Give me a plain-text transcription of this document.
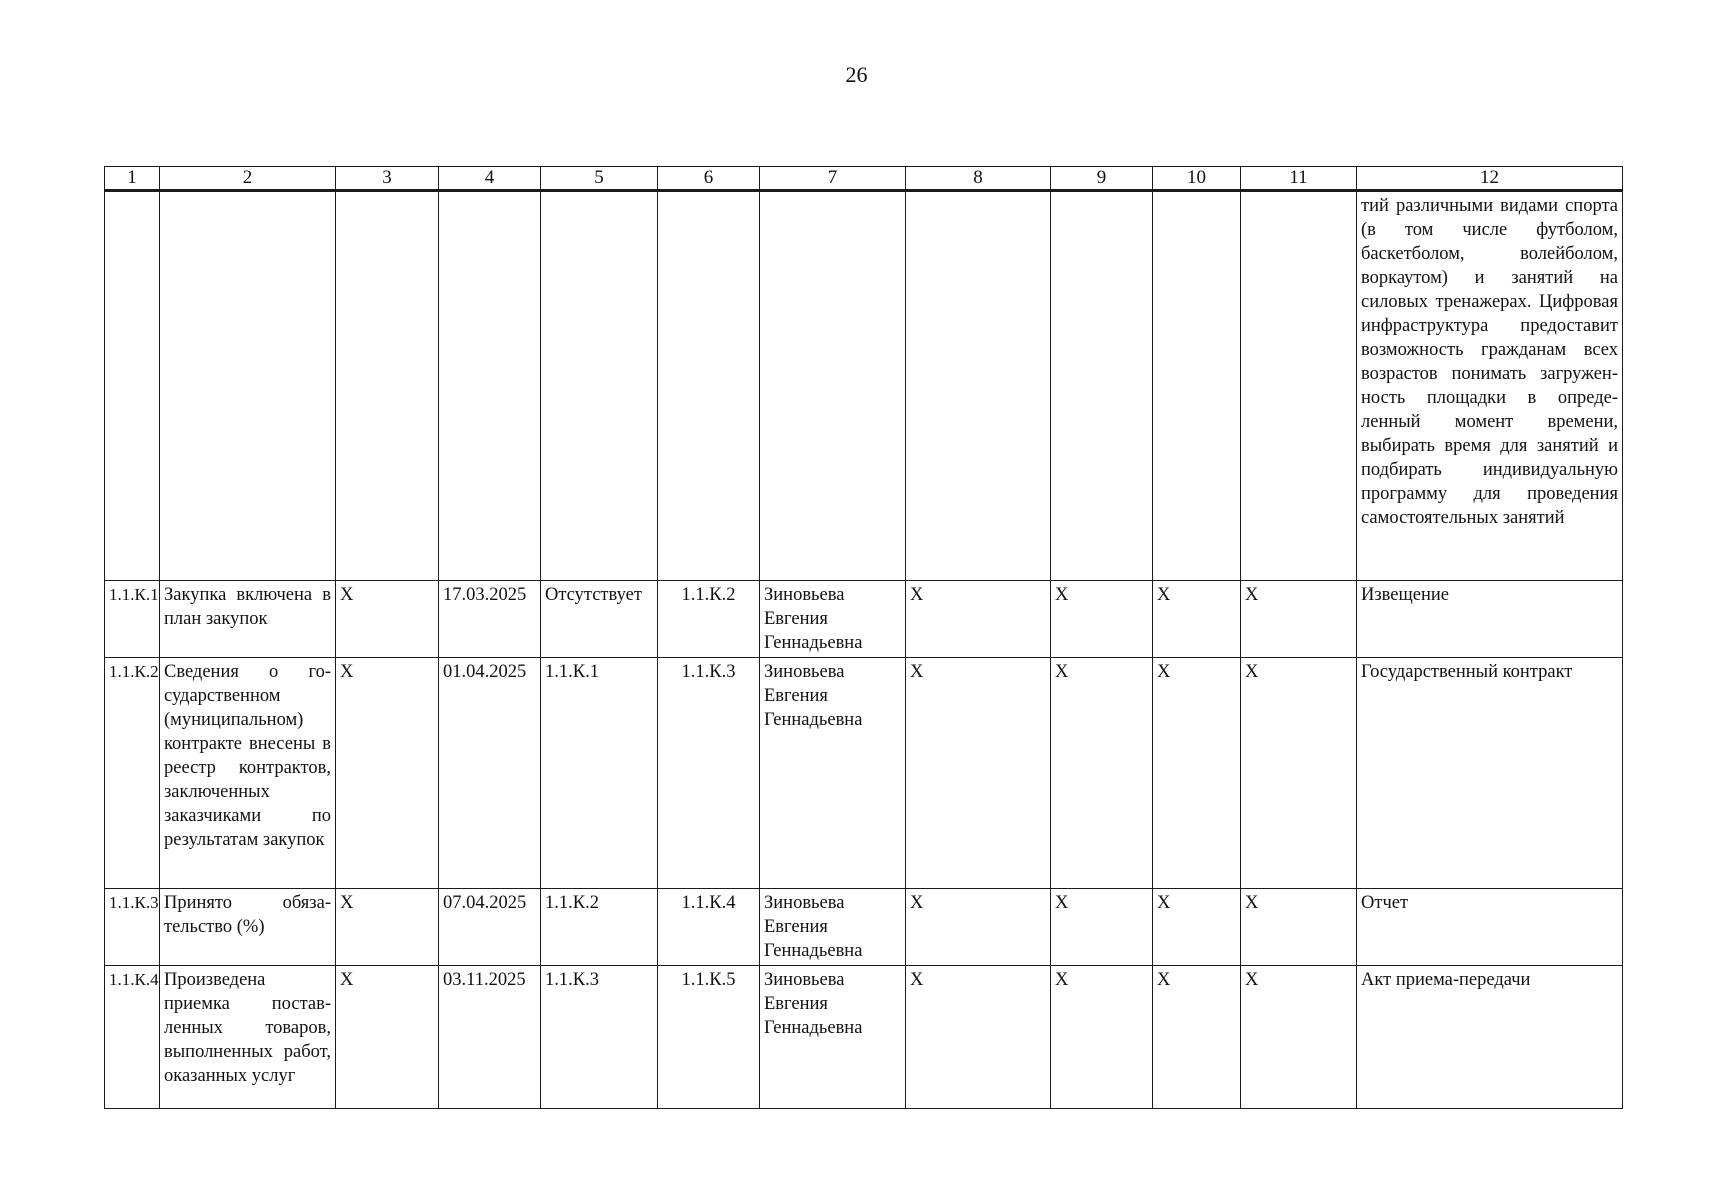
26
1	2	3	4	5	6	7	8	9	10	11	12
											тий различными видами спорта (в том числе футболом, баскетболом, волейболом, воркаутом) и занятий на силовых тренажерах. Цифровая инфраструктура предоставит возможность гражданам всех возрастов понимать загруженность площадки в определенный момент времени, выбирать время для занятий и подбирать индивидуальную программу для проведения самостоятельных занятий
1.1.К.1	Закупка включена в план закупок	Х	17.03.2025	Отсутствует	1.1.К.2	Зиновьева Евгения Геннадьевна	Х	Х	Х	Х	Извещение
1.1.К.2	Сведения о государственном (муниципальном) контракте внесены в реестр контрактов, заключенных заказчиками по результатам закупок	Х	01.04.2025	1.1.К.1	1.1.К.3	Зиновьева Евгения Геннадьевна	Х	Х	Х	Х	Государственный контракт
1.1.К.3	Принято обязательство (%)	Х	07.04.2025	1.1.К.2	1.1.К.4	Зиновьева Евгения Геннадьевна	Х	Х	Х	Х	Отчет
1.1.К.4	Произведена приемка поставленных товаров, выполненных работ, оказанных услуг	Х	03.11.2025	1.1.К.3	1.1.К.5	Зиновьева Евгения Геннадьевна	Х	Х	Х	Х	Акт приема-передачи
